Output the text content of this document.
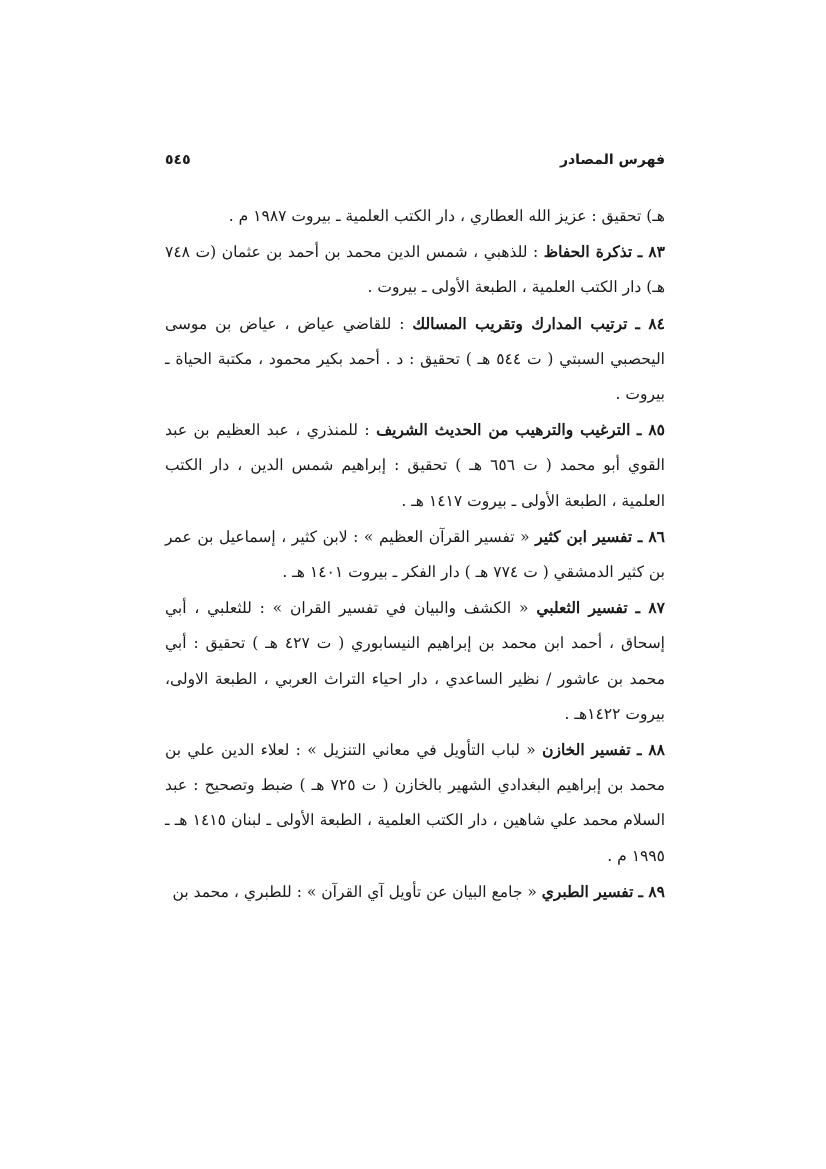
فهرس المصادر
٥٤٥

هـ) تحقيق : عزيز الله العطاري ، دار الكتب العلمية ـ بيروت ١٩٨٧ م .

٨٣ ـ تذكرة الحفاظ : للذهبي ، شمس الدين محمد بن أحمد بن عثمان (ت ٧٤٨ هـ) دار الكتب العلمية ، الطبعة الأولى ـ بيروت .

٨٤ ـ ترتيب المدارك وتقريب المسالك : للقاضي عياض ، عياض بن موسى اليحصبي السبتي ( ت ٥٤٤ هـ ) تحقيق : د . أحمد بكير محمود ، مكتبة الحياة ـ بيروت .

٨٥ ـ الترغيب والترهيب من الحديث الشريف : للمنذري ، عبد العظيم بن عبد القوي أبو محمد ( ت ٦٥٦ هـ ) تحقيق : إبراهيم شمس الدين ، دار الكتب العلمية ، الطبعة الأولى ـ بيروت ١٤١٧ هـ .

٨٦ ـ تفسير ابن كثير « تفسير القرآن العظيم » : لابن كثير ، إسماعيل بن عمر بن كثير الدمشقي ( ت ٧٧٤ هـ ) دار الفكر ـ بيروت ١٤٠١ هـ .

٨٧ ـ تفسير الثعلبي « الكشف والبيان في تفسير القران » : للثعلبي ، أبي إسحاق ، أحمد ابن محمد بن إبراهيم النيسابوري ( ت ٤٢٧ هـ ) تحقيق : أبي محمد بن عاشور / نظير الساعدي ، دار احياء التراث العربي ، الطبعة الاولى، بيروت ١٤٢٢هـ .

٨٨ ـ تفسير الخازن « لباب التأويل في معاني التنزيل » : لعلاء الدين علي بن محمد بن إبراهيم البغدادي الشهير بالخازن ( ت ٧٢٥ هـ ) ضبط وتصحيح : عبد السلام محمد علي شاهين ، دار الكتب العلمية ، الطبعة الأولى ـ لبنان ١٤١٥ هـ ـ ١٩٩٥ م .

٨٩ ـ تفسير الطبري « جامع البيان عن تأويل آي القرآن » : للطبري ، محمد بن
